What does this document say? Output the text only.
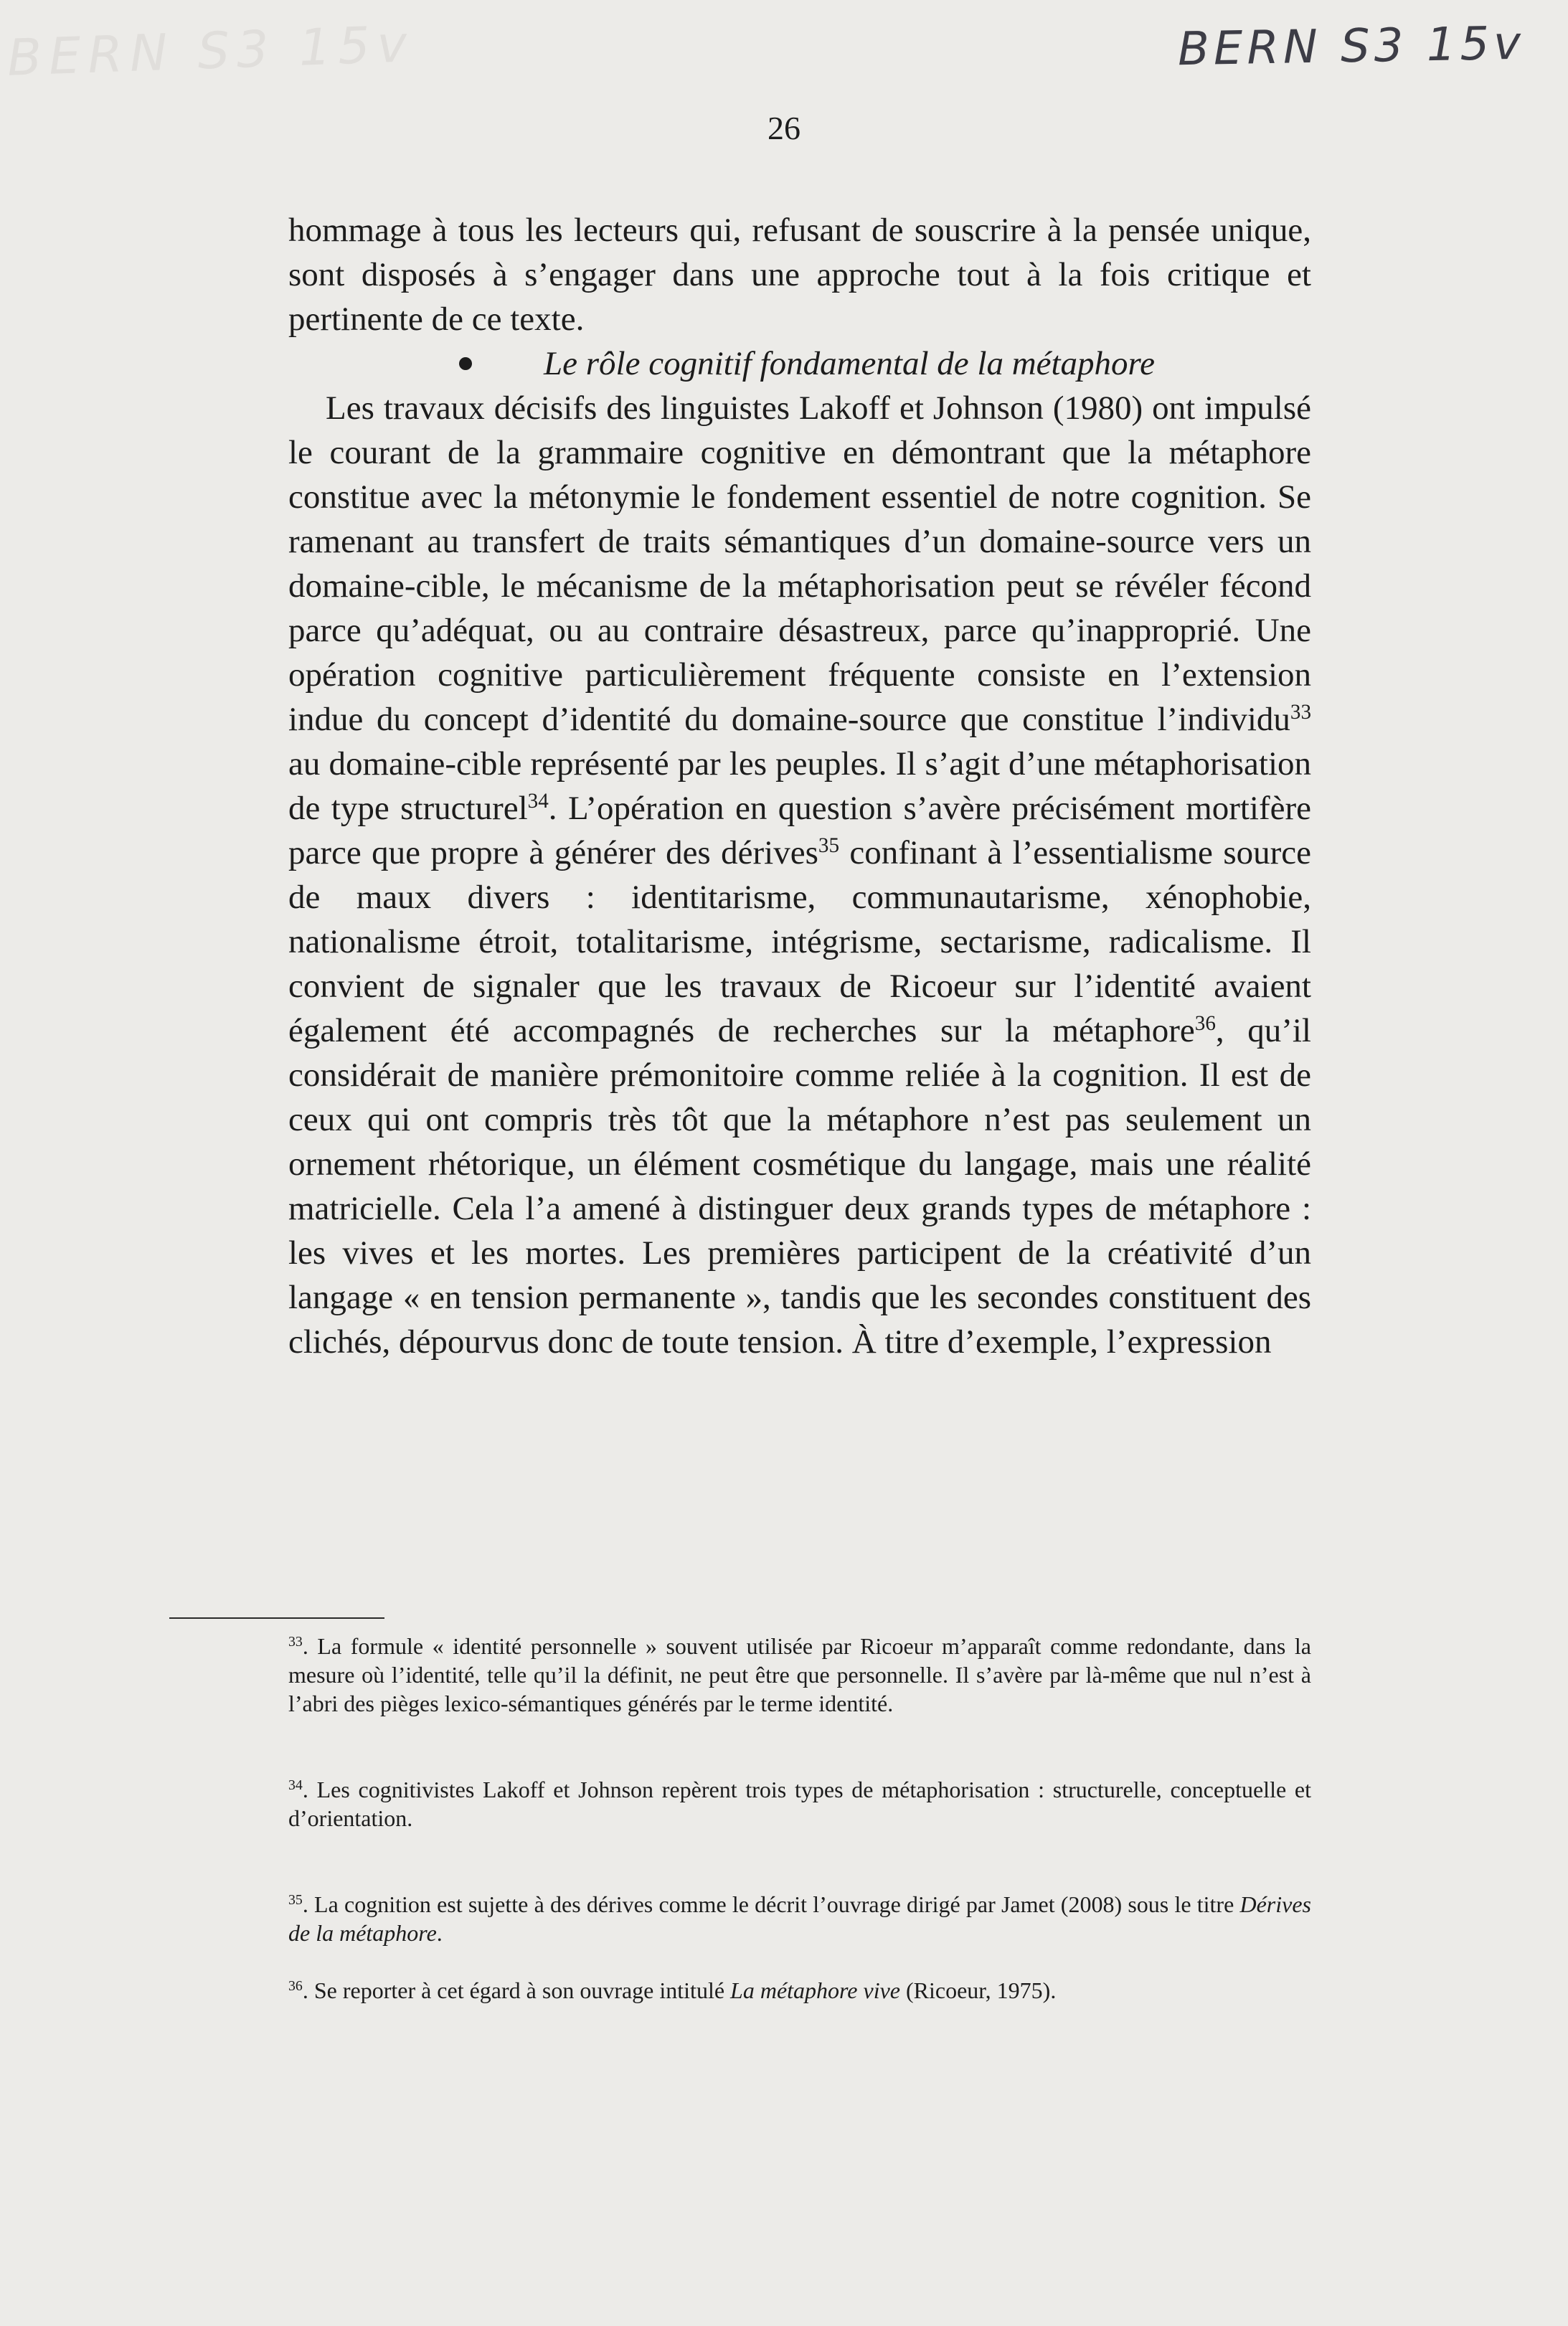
BERN S3 15v	BERN S3 15v
26

hommage à tous les lecteurs qui, refusant de souscrire à la pensée unique, sont disposés à s’engager dans une approche tout à la fois critique et pertinente de ce texte.

Le rôle cognitif fondamental de la métaphore

Les travaux décisifs des linguistes Lakoff et Johnson (1980) ont impulsé le courant de la grammaire cognitive en démontrant que la métaphore constitue avec la métonymie le fondement essentiel de notre cognition. Se ramenant au transfert de traits sémantiques d’un domaine-source vers un domaine-cible, le mécanisme de la métaphorisation peut se révéler fécond parce qu’adéquat, ou au contraire désastreux, parce qu’inapproprié. Une opération cognitive particulièrement fréquente consiste en l’extension indue du concept d’identité du domaine-source que constitue l’individu$^{33}$ au domaine-cible représenté par les peuples. Il s’agit d’une métaphorisation de type structurel$^{34}$. L’opération en question s’avère précisément mortifère parce que propre à générer des dérives$^{35}$ confinant à l’essentialisme source de maux divers : identitarisme, communautarisme, xénophobie, nationalisme étroit, totalitarisme, intégrisme, sectarisme, radicalisme. Il convient de signaler que les travaux de Ricoeur sur l’identité avaient également été accompagnés de recherches sur la métaphore$^{36}$, qu’il considérait de manière prémonitoire comme reliée à la cognition. Il est de ceux qui ont compris très tôt que la métaphore n’est pas seulement un ornement rhétorique, un élément cosmétique du langage, mais une réalité matricielle. Cela l’a amené à distinguer deux grands types de métaphore : les vives et les mortes. Les premières participent de la créativité d’un langage « en tension permanente », tandis que les secondes constituent des clichés, dépourvus donc de toute tension. À titre d’exemple, l’expression

$^{33}$. La formule « identité personnelle » souvent utilisée par Ricoeur m’apparaît comme redondante, dans la mesure où l’identité, telle qu’il la définit, ne peut être que personnelle. Il s’avère par là-même que nul n’est à l’abri des pièges lexico-sémantiques générés par le terme identité.

$^{34}$. Les cognitivistes Lakoff et Johnson repèrent trois types de métaphorisation : structurelle, conceptuelle et d’orientation.

$^{35}$. La cognition est sujette à des dérives comme le décrit l’ouvrage dirigé par Jamet (2008) sous le titre Dérives de la métaphore.

$^{36}$. Se reporter à cet égard à son ouvrage intitulé La métaphore vive (Ricoeur, 1975).
